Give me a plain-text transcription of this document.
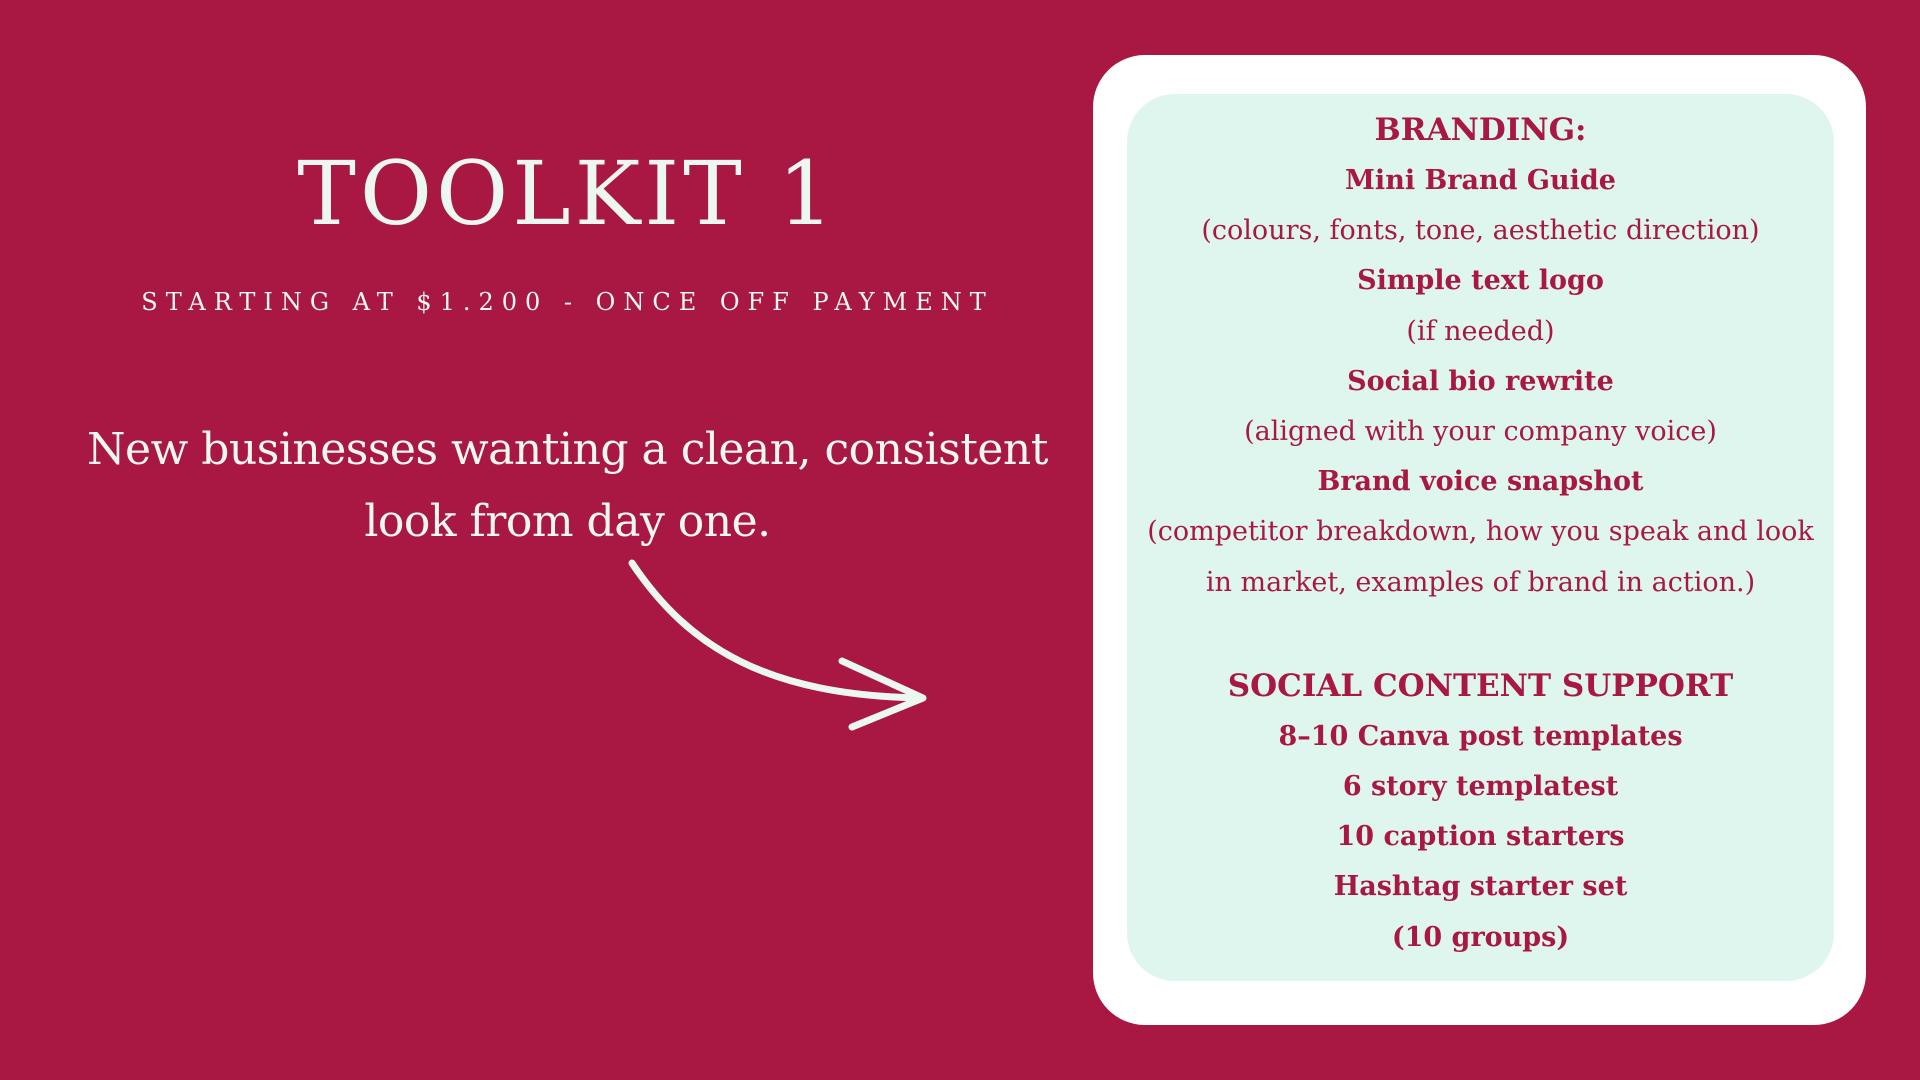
TOOLKIT 1
STARTING AT $1.200 - ONCE OFF PAYMENT
New businesses wanting a clean, consistent look from day one.
BRANDING:
Mini Brand Guide
(colours, fonts, tone, aesthetic direction)
Simple text logo
(if needed)
Social bio rewrite
(aligned with your company voice)
Brand voice snapshot
(competitor breakdown, how you speak and look in market, examples of brand in action.)
SOCIAL CONTENT SUPPORT
8–10 Canva post templates
6 story templatest
10 caption starters
Hashtag starter set
(10 groups)
